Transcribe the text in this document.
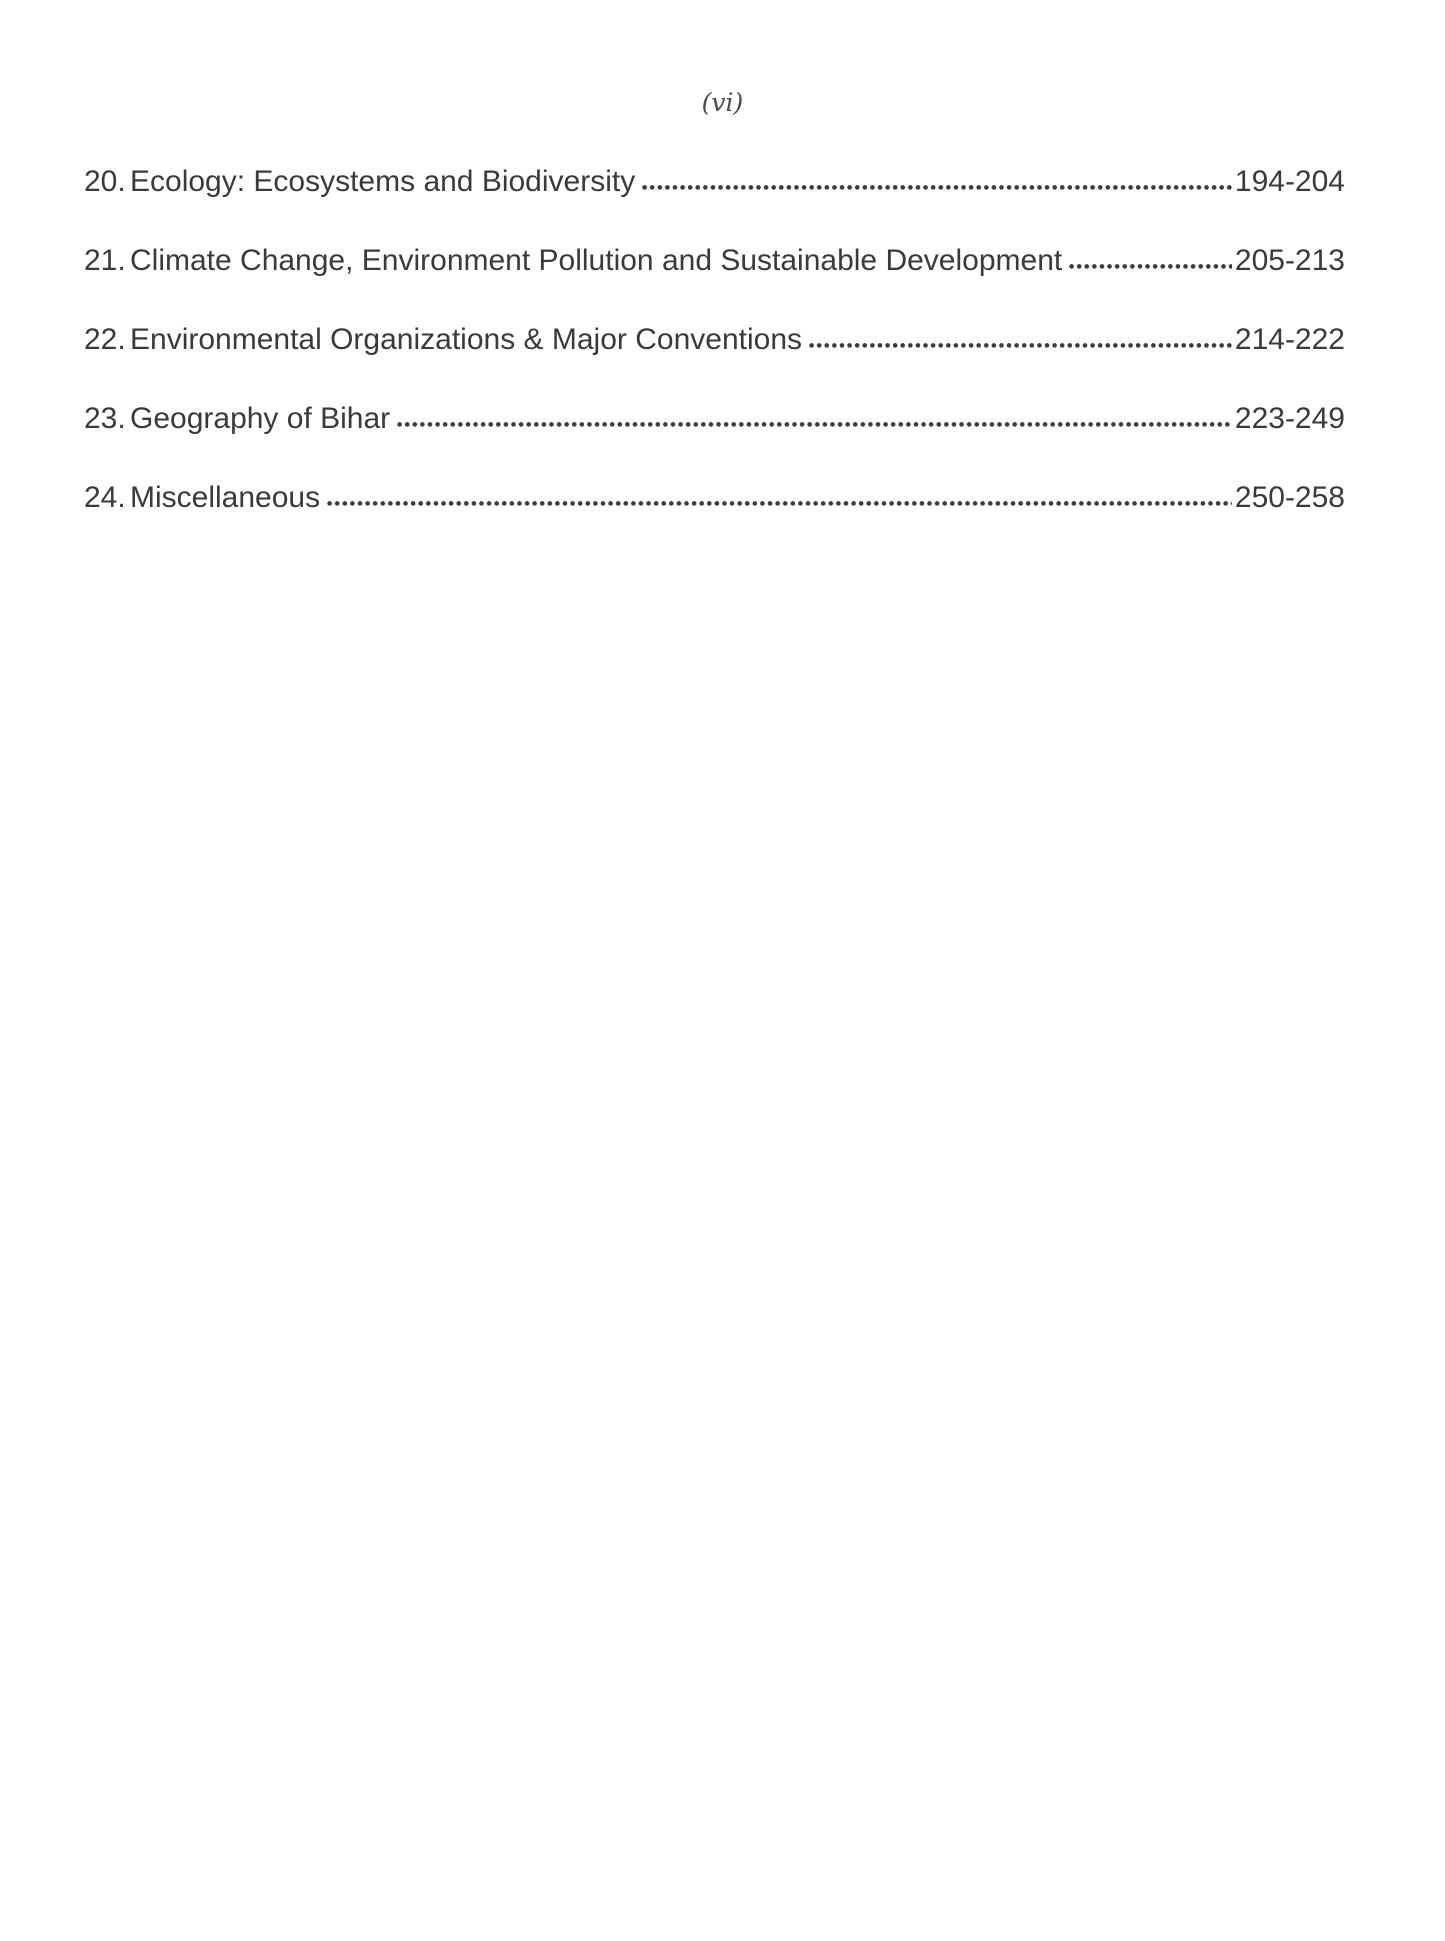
(vi)
20. Ecology: Ecosystems and Biodiversity	194-204
21. Climate Change, Environment Pollution and Sustainable Development	205-213
22. Environmental Organizations & Major Conventions	214-222
23. Geography of Bihar	223-249
24. Miscellaneous	250-258
